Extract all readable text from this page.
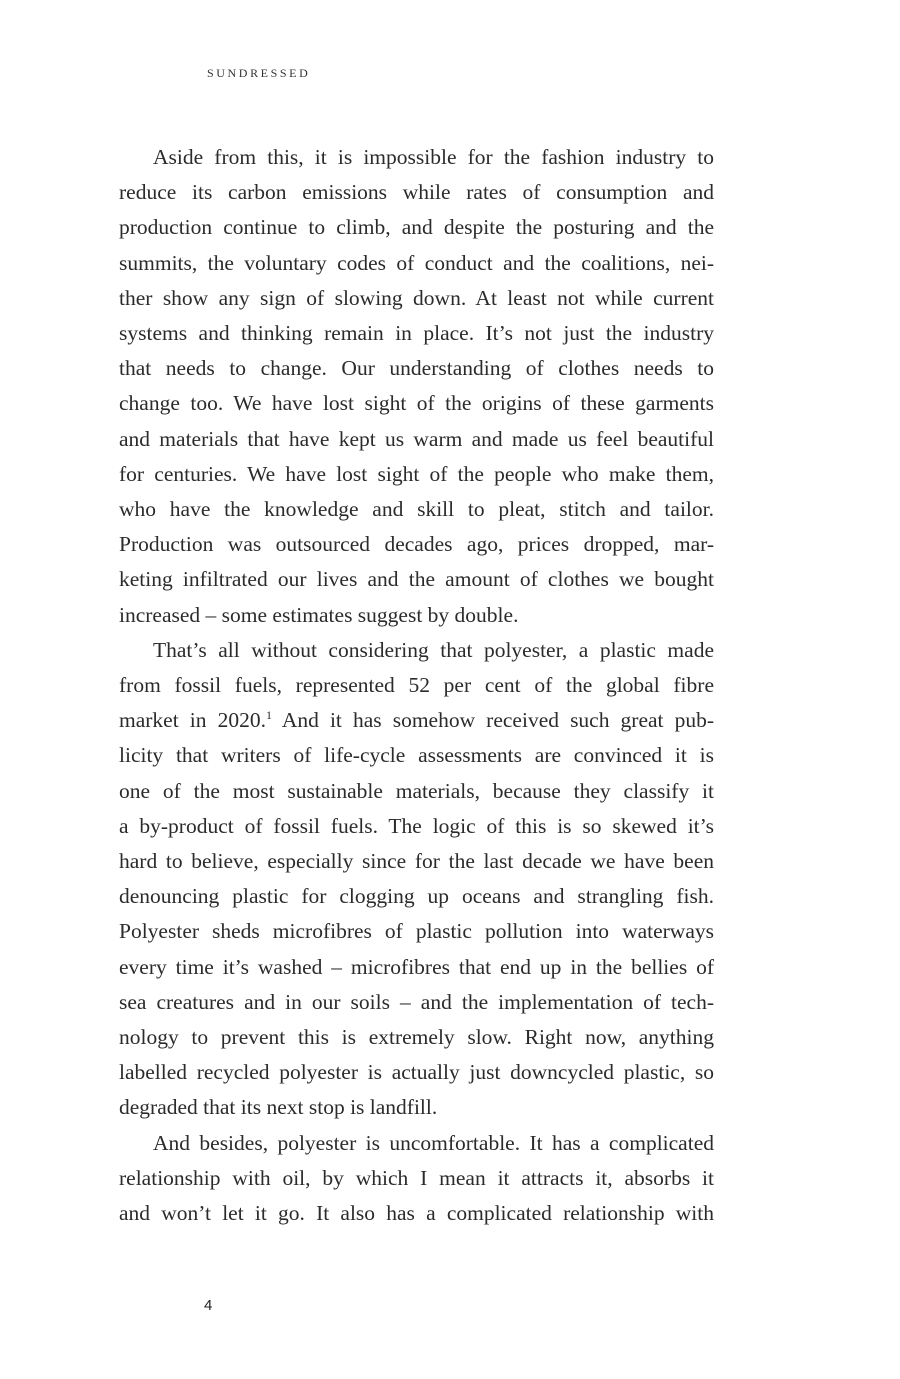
SUNDRESSED
Aside from this, it is impossible for the fashion industry to
reduce its carbon emissions while rates of consumption and
production continue to climb, and despite the posturing and the
summits, the voluntary codes of conduct and the coalitions, nei-
ther show any sign of slowing down. At least not while current
systems and thinking remain in place. It’s not just the industry
that needs to change. Our understanding of clothes needs to
change too. We have lost sight of the origins of these garments
and materials that have kept us warm and made us feel beautiful
for centuries. We have lost sight of the people who make them,
who have the knowledge and skill to pleat, stitch and tailor.
Production was outsourced decades ago, prices dropped, mar-
keting infiltrated our lives and the amount of clothes we bought
increased – some estimates suggest by double.
That’s all without considering that polyester, a plastic made
from fossil fuels, represented 52 per cent of the global fibre
market in 2020.$^1$ And it has somehow received such great pub-
licity that writers of life-cycle assessments are convinced it is
one of the most sustainable materials, because they classify it
a by-product of fossil fuels. The logic of this is so skewed it’s
hard to believe, especially since for the last decade we have been
denouncing plastic for clogging up oceans and strangling fish.
Polyester sheds microfibres of plastic pollution into waterways
every time it’s washed – microfibres that end up in the bellies of
sea creatures and in our soils – and the implementation of tech-
nology to prevent this is extremely slow. Right now, anything
labelled recycled polyester is actually just downcycled plastic, so
degraded that its next stop is landfill.
And besides, polyester is uncomfortable. It has a complicated
relationship with oil, by which I mean it attracts it, absorbs it
and won’t let it go. It also has a complicated relationship with
4
